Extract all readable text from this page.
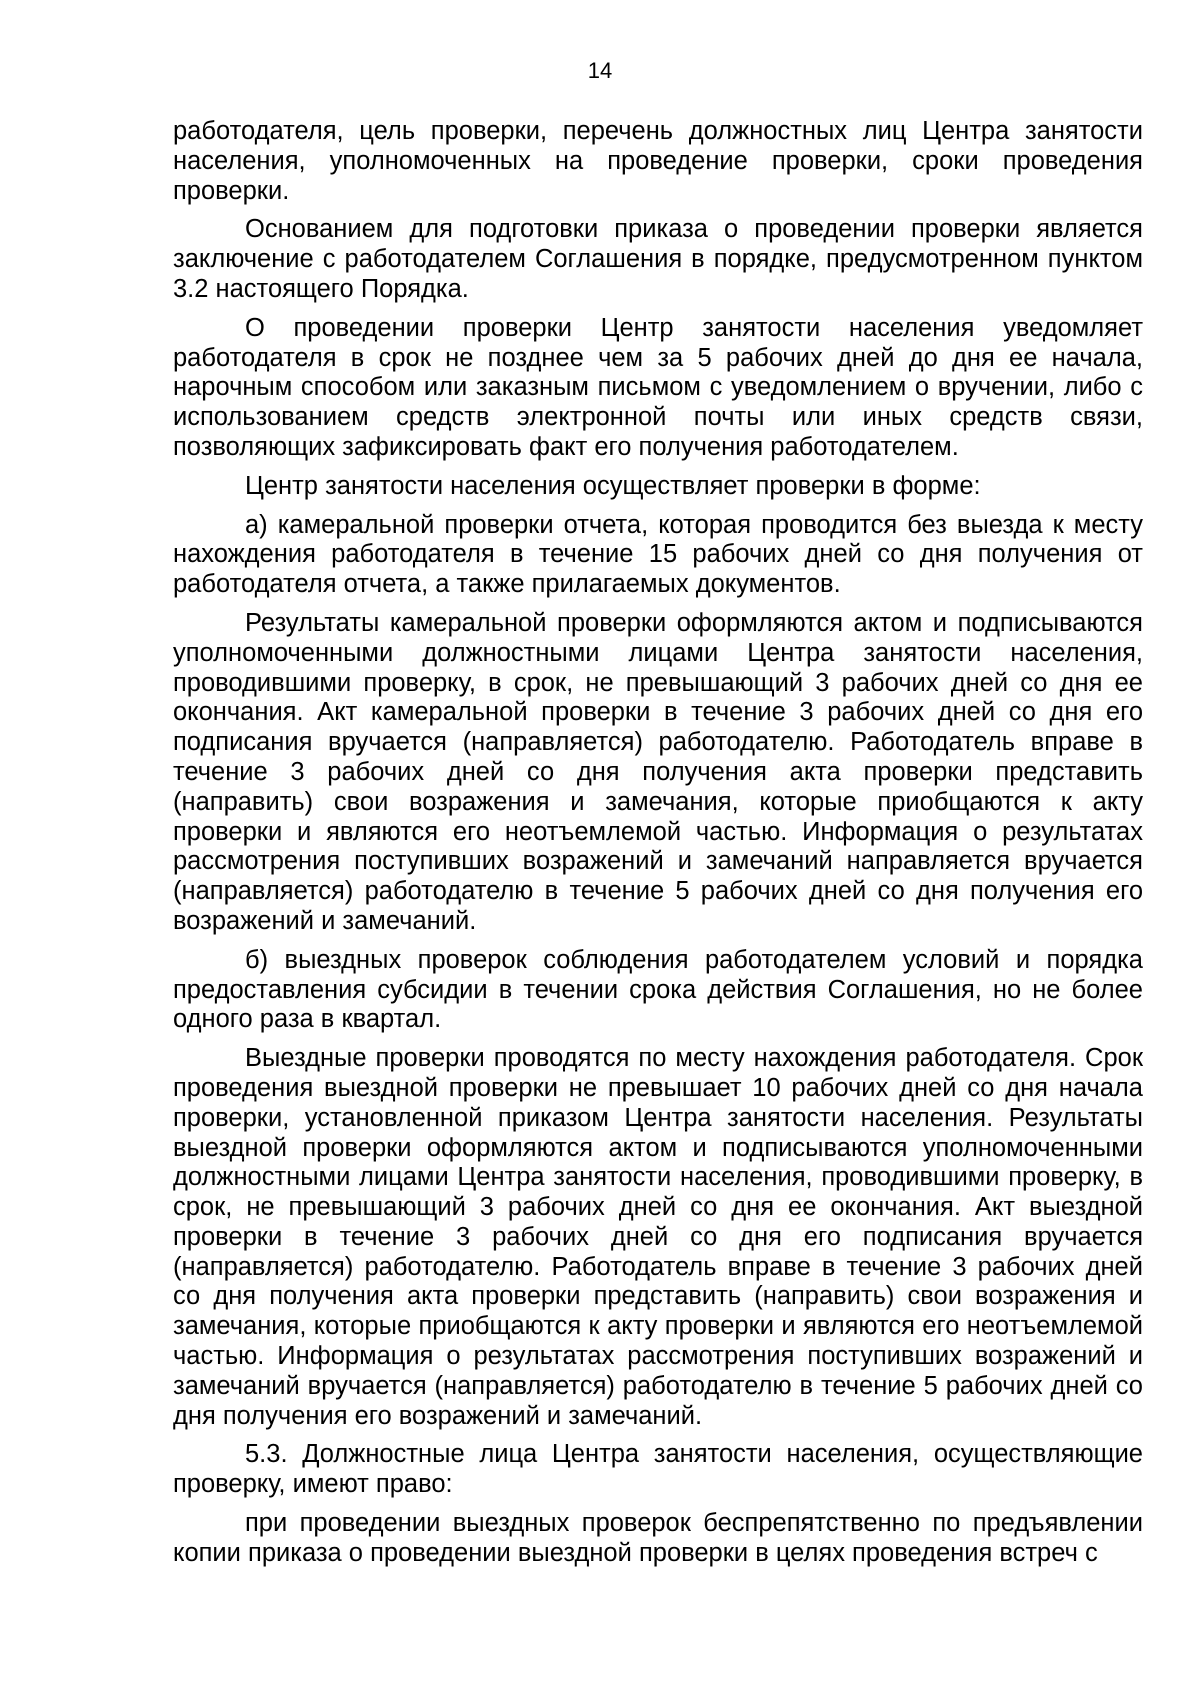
14

работодателя, цель проверки, перечень должностных лиц Центра занятости населения, уполномоченных на проведение проверки, сроки проведения проверки.

Основанием для подготовки приказа о проведении проверки является заключение с работодателем Соглашения в порядке, предусмотренном пунктом 3.2 настоящего Порядка.

О проведении проверки Центр занятости населения уведомляет работодателя в срок не позднее чем за 5 рабочих дней до дня ее начала, нарочным способом или заказным письмом с уведомлением о вручении, либо с использованием средств электронной почты или иных средств связи, позволяющих зафиксировать факт его получения работодателем.

Центр занятости населения осуществляет проверки в форме:

а) камеральной проверки отчета, которая проводится без выезда к месту нахождения работодателя в течение 15 рабочих дней со дня получения от работодателя отчета, а также прилагаемых документов.

Результаты камеральной проверки оформляются актом и подписываются уполномоченными должностными лицами Центра занятости населения, проводившими проверку, в срок, не превышающий 3 рабочих дней со дня ее окончания. Акт камеральной проверки в течение 3 рабочих дней со дня его подписания вручается (направляется) работодателю. Работодатель вправе в течение 3 рабочих дней со дня получения акта проверки представить (направить) свои возражения и замечания, которые приобщаются к акту проверки и являются его неотъемлемой частью. Информация о результатах рассмотрения поступивших возражений и замечаний направляется вручается (направляется) работодателю в течение 5 рабочих дней со дня получения его возражений и замечаний.

б) выездных проверок соблюдения работодателем условий и порядка предоставления субсидии в течении срока действия Соглашения, но не более одного раза в квартал.

Выездные проверки проводятся по месту нахождения работодателя. Срок проведения выездной проверки не превышает 10 рабочих дней со дня начала проверки, установленной приказом Центра занятости населения. Результаты выездной проверки оформляются актом и подписываются уполномоченными должностными лицами Центра занятости населения, проводившими проверку, в срок, не превышающий 3 рабочих дней со дня ее окончания. Акт выездной проверки в течение 3 рабочих дней со дня его подписания вручается (направляется) работодателю. Работодатель вправе в течение 3 рабочих дней со дня получения акта проверки представить (направить) свои возражения и замечания, которые приобщаются к акту проверки и являются его неотъемлемой частью. Информация о результатах рассмотрения поступивших возражений и замечаний вручается (направляется) работодателю в течение 5 рабочих дней со дня получения его возражений и замечаний.

5.3. Должностные лица Центра занятости населения, осуществляющие проверку, имеют право:

при проведении выездных проверок беспрепятственно по предъявлении копии приказа о проведении выездной проверки в целях проведения встреч с
